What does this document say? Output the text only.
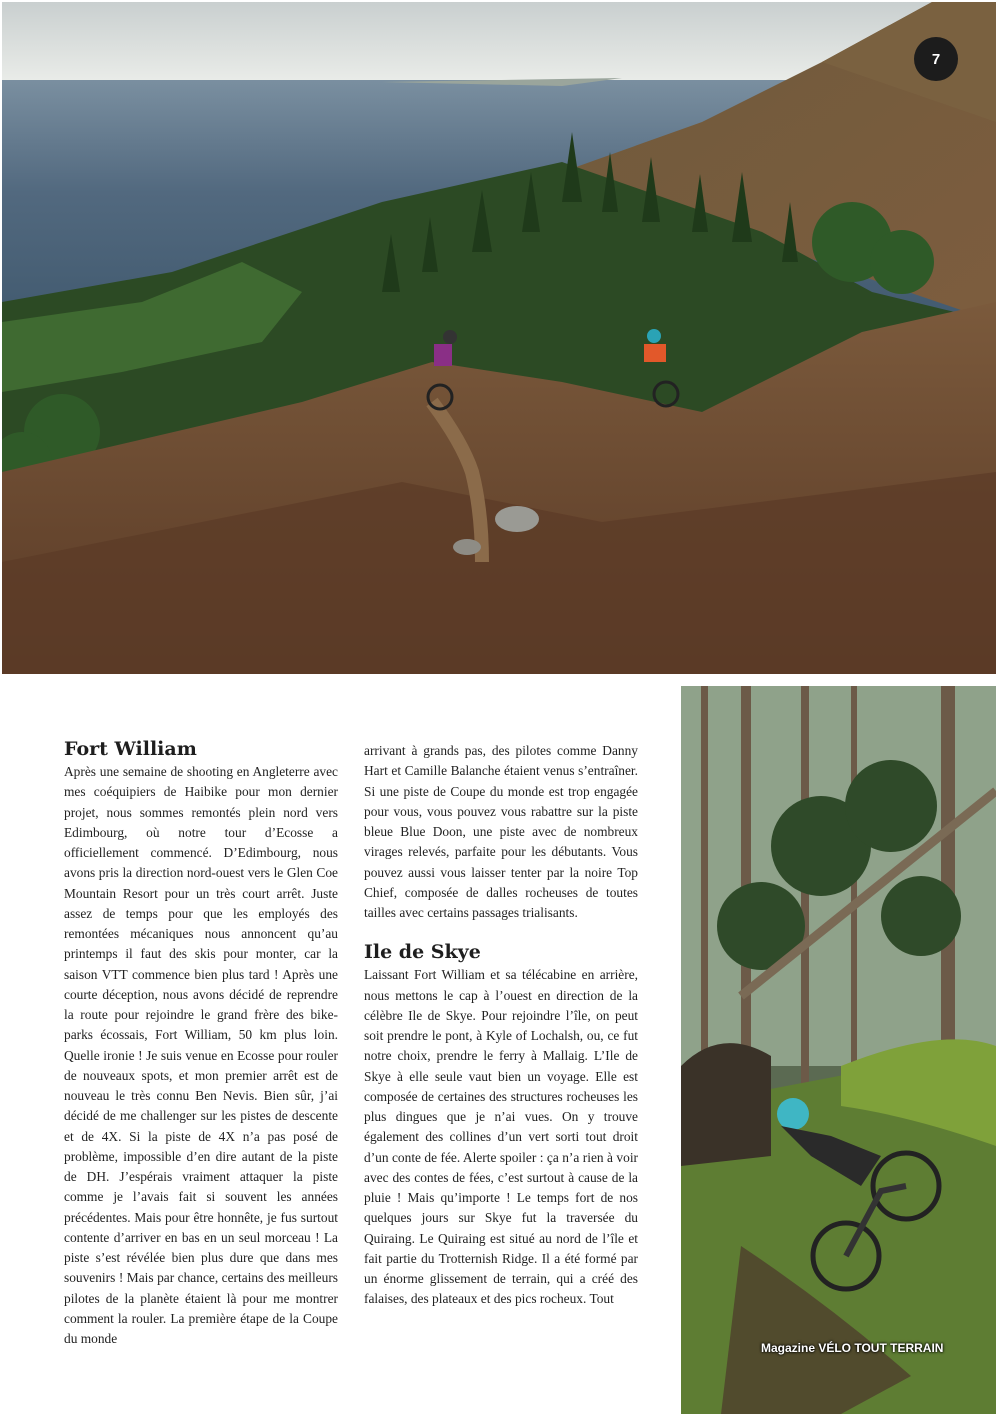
7
Magazine VÉLO TOUT TERRAIN
Fort William

Après une semaine de shooting en Angleterre avec mes coéquipiers de Haibike pour mon dernier projet, nous sommes remontés plein nord vers Edimbourg, où notre tour d’Ecosse a officiellement commencé. D’Edimbourg, nous avons pris la direction nord-ouest vers le Glen Coe Mountain Resort pour un très court arrêt. Juste assez de temps pour que les employés des remontées mécaniques nous annoncent qu’au printemps il faut des skis pour monter, car la saison VTT commence bien plus tard ! Après une courte déception, nous avons décidé de reprendre la route pour rejoindre le grand frère des bike-parks écossais, Fort William, 50 km plus loin. Quelle ironie ! Je suis venue en Ecosse pour rouler de nouveaux spots, et mon premier arrêt est de nouveau le très connu Ben Nevis. Bien sûr, j’ai décidé de me challenger sur les pistes de descente et de 4X. Si la piste de 4X n’a pas posé de problème, impossible d’en dire autant de la piste de DH. J’espérais vraiment attaquer la piste comme je l’avais fait si souvent les années précédentes. Mais pour être honnête, je fus surtout contente d’arriver en bas en un seul morceau ! La piste s’est révélée bien plus dure que dans mes souvenirs ! Mais par chance, certains des meilleurs pilotes de la planète étaient là pour me montrer comment la rouler. La première étape de la Coupe du monde

arrivant à grands pas, des pilotes comme Danny Hart et Camille Balanche étaient venus s’entraîner. Si une piste de Coupe du monde est trop engagée pour vous, vous pouvez vous rabattre sur la piste bleue Blue Doon, une piste avec de nombreux virages relevés, parfaite pour les débutants. Vous pouvez aussi vous laisser tenter par la noire Top Chief, composée de dalles rocheuses de toutes tailles avec certains passages trialisants.

Ile de Skye

Laissant Fort William et sa télécabine en arrière, nous mettons le cap à l’ouest en direction de la célèbre Ile de Skye. Pour rejoindre l’île, on peut soit prendre le pont, à Kyle of Lochalsh, ou, ce fut notre choix, prendre le ferry à Mallaig. L’Ile de Skye à elle seule vaut bien un voyage. Elle est composée de certaines des structures rocheuses les plus dingues que je n’ai vues. On y trouve également des collines d’un vert sorti tout droit d’un conte de fée. Alerte spoiler : ça n’a rien à voir avec des contes de fées, c’est surtout à cause de la pluie ! Mais qu’importe ! Le temps fort de nos quelques jours sur Skye fut la traversée du Quiraing. Le Quiraing est situé au nord de l’île et fait partie du Trotternish Ridge. Il a été formé par un énorme glissement de terrain, qui a créé des falaises, des plateaux et des pics rocheux. Tout
